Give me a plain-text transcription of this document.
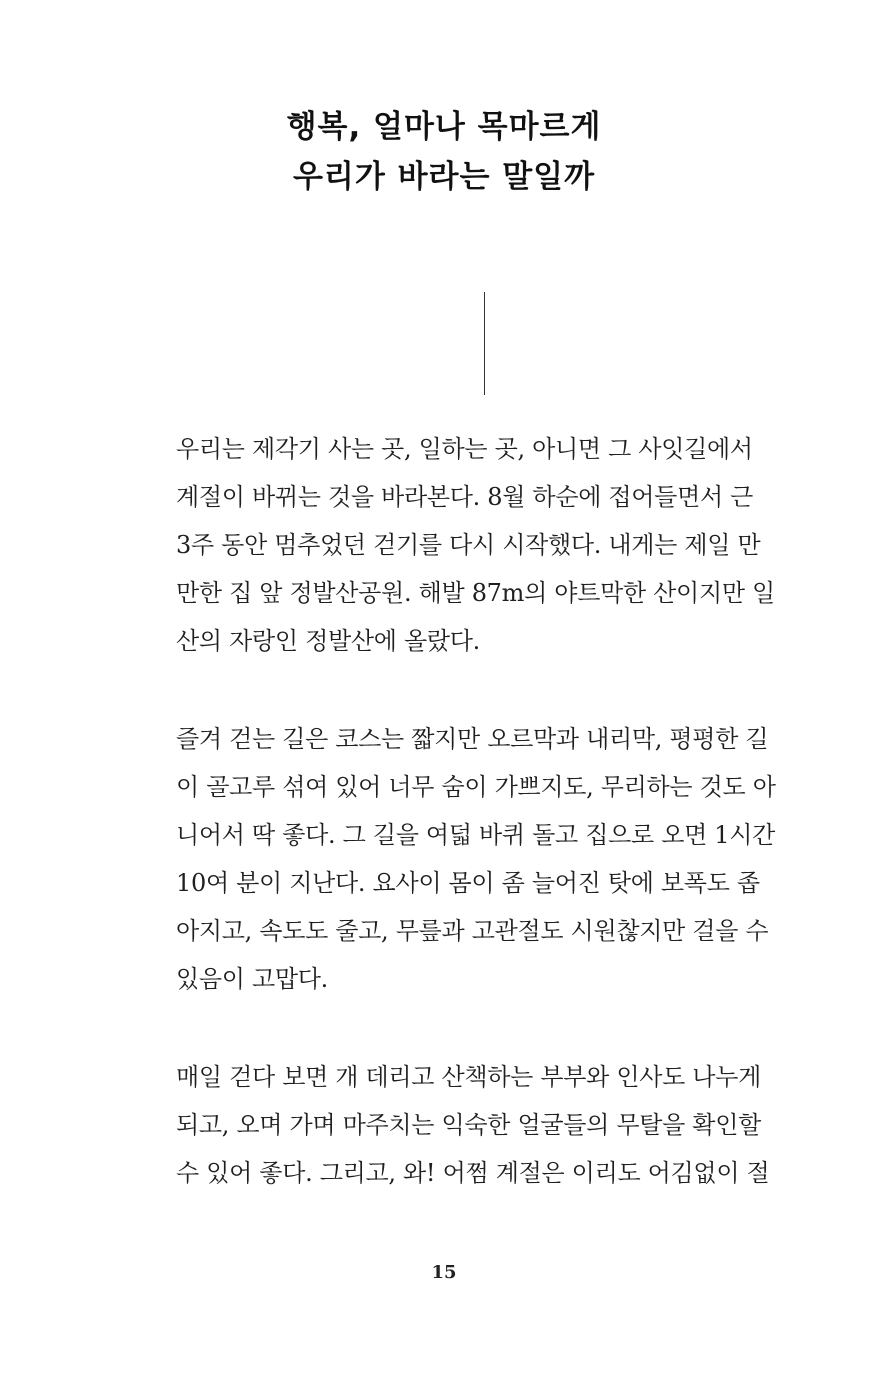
행복, 얼마나 목마르게
우리가 바라는 말일까
우리는 제각기 사는 곳, 일하는 곳, 아니면 그 사잇길에서
계절이 바뀌는 것을 바라본다. 8월 하순에 접어들면서 근
3주 동안 멈추었던 걷기를 다시 시작했다. 내게는 제일 만
만한 집 앞 정발산공원. 해발 87m의 야트막한 산이지만 일
산의 자랑인 정발산에 올랐다.
즐겨 걷는 길은 코스는 짧지만 오르막과 내리막, 평평한 길
이 골고루 섞여 있어 너무 숨이 가쁘지도, 무리하는 것도 아
니어서 딱 좋다. 그 길을 여덟 바퀴 돌고 집으로 오면 1시간
10여 분이 지난다. 요사이 몸이 좀 늘어진 탓에 보폭도 좁
아지고, 속도도 줄고, 무릎과 고관절도 시원찮지만 걸을 수
있음이 고맙다.
매일 걷다 보면 개 데리고 산책하는 부부와 인사도 나누게
되고, 오며 가며 마주치는 익숙한 얼굴들의 무탈을 확인할
수 있어 좋다. 그리고, 와! 어쩜 계절은 이리도 어김없이 절
15
